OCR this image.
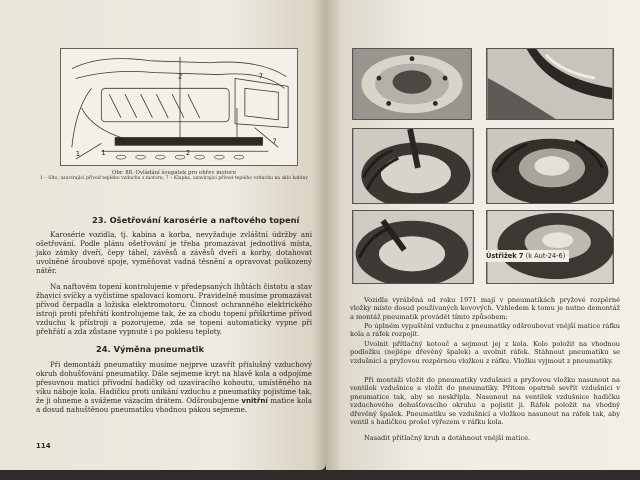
1
2	7
2
1
7
Obr. 88. Ovládání šoupátek pro ohřev motoru
1 – Síto, uzavírající přívod teplého vzduchu z motoru, 7 – Klapka, uzavírající přívod teplého vzduchu na sklo kabiny
23. Ošetřování karosérie a naftového topení

Karosérie vozidla, tj. kabina a korba, nevyžaduje zvláštní údržby ani ošetřování. Podle plánu ošetřování je třeba promazávat jednotlivá místa, jako zámky dveří, čepy táhel, závěsů a závěsů dveří a korby, dotahovat uvolněné šroubové spoje, vyměňovat vadná těsnění a opravovat poškozený nátěr.

Na naftovém topení kontrolujeme v předepsaných lhůtách čistotu a stav žhavicí svíčky a vyčistíme spalovací komoru. Pravidelně musíme promazávat přívod čerpadla a ložiska elektromotoru. Činnost ochranného elektrického istroji proti přehřátí kontrolujeme tak, že za chodu topení přiškrtíme přívod vzduchu k přístroji a pozorujeme, zda se topení automaticky vypne při přehřátí a zda zůstane vypnuté i po poklesu teploty.

24. Výměna pneumatik

Při demontáži pneumatiky musíme nejprve uzavřít příslušný vzduchový okruh dohušťování pneumatiky. Dále sejmeme kryt na hlavě kola a odpojíme přesuvnou matici přívodní hadičky od uzavíracího kohoutu, umístěného na víku náboje kola. Hadičku proti unikání vzduchu z pneumatiky pojistíme tak, že ji ohneme a svážeme vázacím drátem. Odšroubujeme vnitřní matice kola a dosud nahuštěnou pneumatiku vhodnou pákou sejmeme.

114
Ústřižek 7 (k Aut-24-6)

Vozidla vyráběná od roku 1971 mají v pneumatikách pryžové rozpěrné vložky místo dosud používaných kovových. Vzhledem k tomu je nutno demontáž a montáž pneumatik provádět tímto způsobem:

Po úplném vypuštění vzduchu z pneumatiky odšroubovat vnější matice ráfku kola a ráfek rozpojit.

Uvolnit přítlačný kotouč a sejmout jej z kola. Kolo položit na vhodnou podložku (nejlépe dřevěný špalek) a uvolnit ráfek. Stáhnout pneumatiku se vzdušnicí a pryžovou rozpěrnou vložkou z ráfku. Vložku vyjmout z pneumatiky.

Při montáži vložit do pneumatiky vzdušnici a pryžovou vložku nasunout na ventilek vzdušnice a vložit do pneumatiky. Přitom opatrně sevřít vzdušnici v pneumatice tak, aby se neskřípla. Nasunout na ventilek vzdušnice hadičku vzduchového dohušťovacího okruhu a pojistit ji. Ráfek položit na vhodný dřevěný špalek. Pneumatiku se vzdušnicí a vložkou nasunout na ráfek tak, aby ventil s hadičkou prošel výřezem v ráfku kola.

Nasadit přítlačný kruh a dotáhnout vnější matice.
